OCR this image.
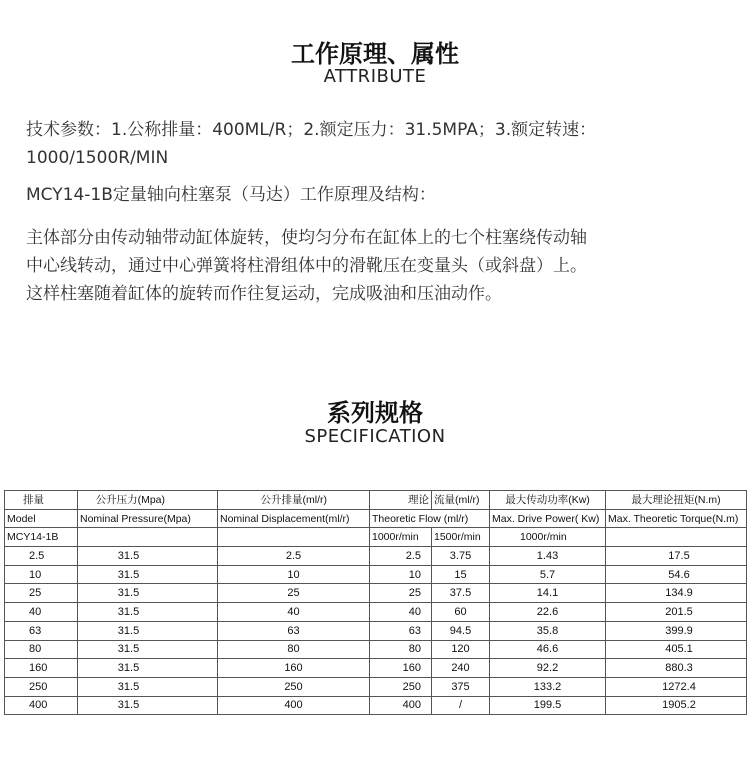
工作原理、属性
ATTRIBUTE
技术参数：1.公称排量：400ML/R；2.额定压力：31.5MPA；3.额定转速：
1000/1500R/MIN
MCY14-1B定量轴向柱塞泵（马达）工作原理及结构：
主体部分由传动轴带动缸体旋转，使均匀分布在缸体上的七个柱塞绕传动轴
中心线转动，通过中心弹簧将柱滑组体中的滑靴压在变量头（或斜盘）上。
这样柱塞随着缸体的旋转而作往复运动，完成吸油和压油动作。
系列规格
SPECIFICATION
排量	公升压力(Mpa)	公升排量(ml/r)	理论	流量(ml/r)	最大传动功率(Kw)	最大理论扭矩(N.m)
Model	Nominal Pressure(Mpa)	Nominal Displacement(ml/r)	Theoretic Flow (ml/r)		Max. Drive Power( Kw)	Max. Theoretic Torque(N.m)
MCY14-1B			1000r/min	1500r/min	1000r/min	
2.5	31.5	2.5	2.5	3.75	1.43	17.5
10	31.5	10	10	15	5.7	54.6
25	31.5	25	25	37.5	14.1	134.9
40	31.5	40	40	60	22.6	201.5
63	31.5	63	63	94.5	35.8	399.9
80	31.5	80	80	120	46.6	405.1
160	31.5	160	160	240	92.2	880.3
250	31.5	250	250	375	133.2	1272.4
400	31.5	400	400	/	199.5	1905.2
